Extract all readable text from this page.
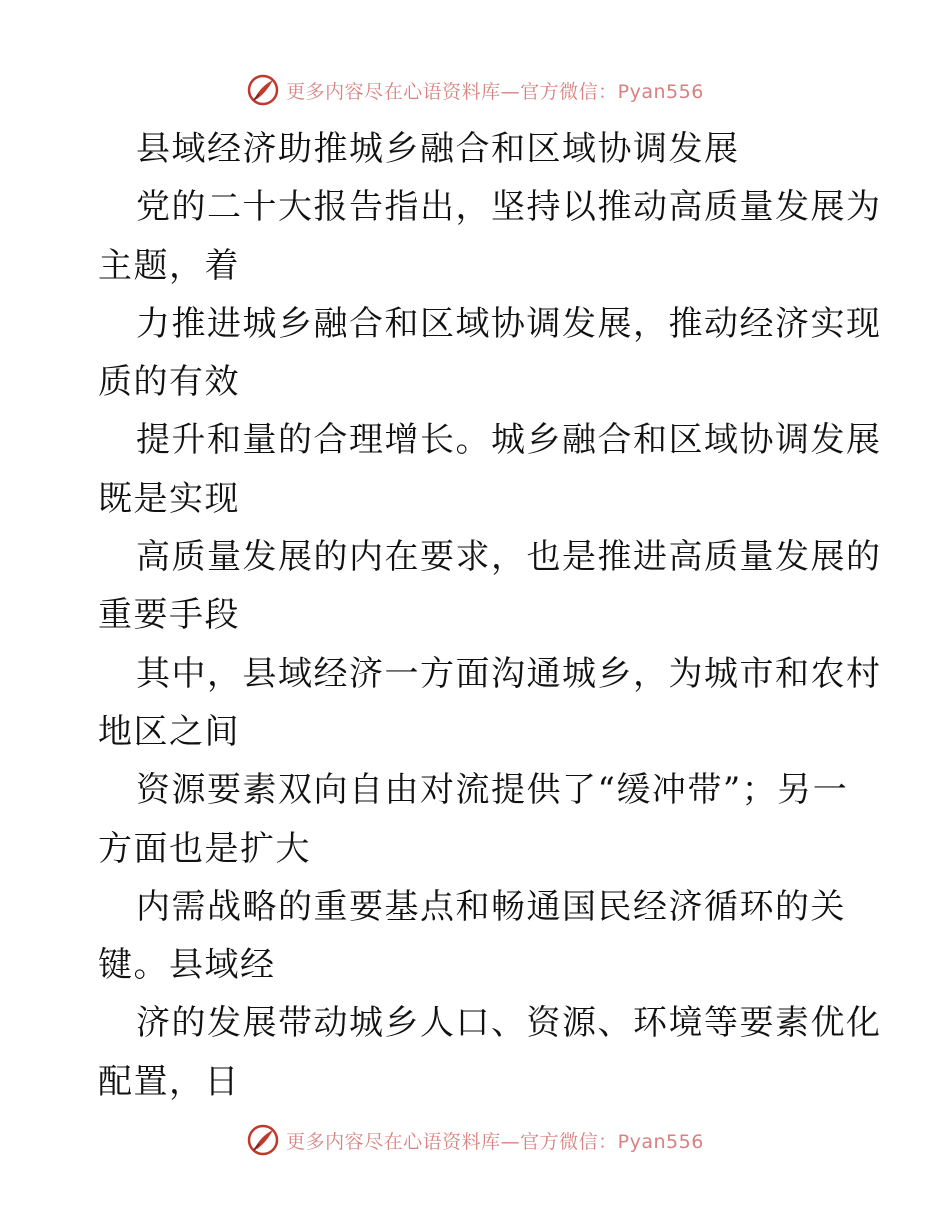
更多内容尽在心语资料库—官方微信：Pyan556
县域经济助推城乡融合和区域协调发展
党的二十大报告指出，坚持以推动高质量发展为
主题，着
力推进城乡融合和区域协调发展，推动经济实现
质的有效
提升和量的合理增长。城乡融合和区域协调发展
既是实现
高质量发展的内在要求，也是推进高质量发展的
重要手段
其中，县域经济一方面沟通城乡，为城市和农村
地区之间
资源要素双向自由对流提供了“缓冲带”；另一
方面也是扩大
内需战略的重要基点和畅通国民经济循环的关
键。县域经
济的发展带动城乡人口、资源、环境等要素优化
配置，日
更多内容尽在心语资料库—官方微信：Pyan556
